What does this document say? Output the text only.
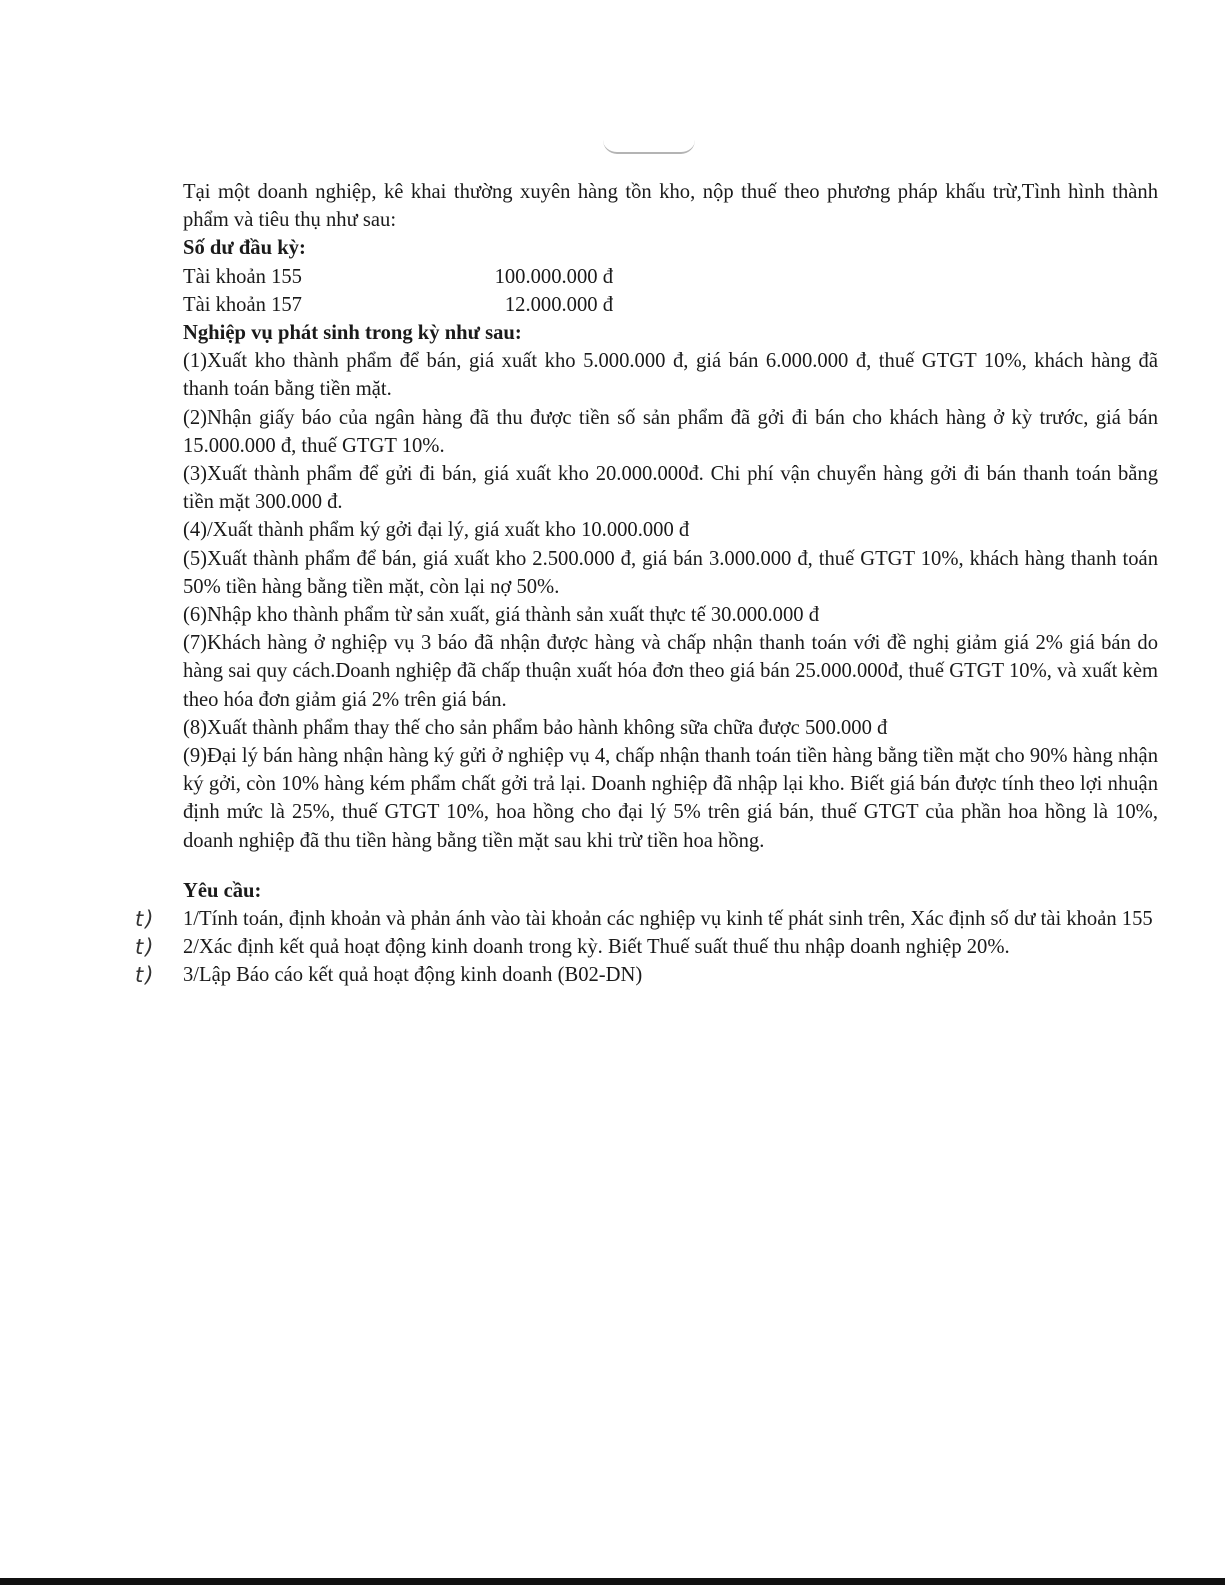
Tại một doanh nghiệp, kê khai thường xuyên hàng tồn kho, nộp thuế theo phương pháp khấu trừ,Tình hình thành phẩm và tiêu thụ như sau:

Số dư đầu kỳ:

Tài khoản 155	100.000.000 đ
Tài khoản 157	12.000.000 đ

Nghiệp vụ phát sinh trong kỳ như sau:

(1)Xuất kho thành phẩm để bán, giá xuất kho 5.000.000 đ, giá bán 6.000.000 đ, thuế GTGT 10%, khách hàng đã thanh toán bằng tiền mặt.

(2)Nhận giấy báo của ngân hàng đã thu được tiền số sản phẩm đã gởi đi bán cho khách hàng ở kỳ trước, giá bán 15.000.000 đ, thuế GTGT 10%.

(3)Xuất thành phẩm để gửi đi bán, giá xuất kho 20.000.000đ. Chi phí vận chuyển hàng gởi đi bán thanh toán bằng tiền mặt 300.000 đ.

(4)/Xuất thành phẩm ký gởi đại lý, giá xuất kho 10.000.000 đ

(5)Xuất thành phẩm để bán, giá xuất kho 2.500.000 đ, giá bán 3.000.000 đ, thuế GTGT 10%, khách hàng thanh toán 50% tiền hàng bằng tiền mặt, còn lại nợ 50%.

(6)Nhập kho thành phẩm từ sản xuất, giá thành sản xuất thực tế 30.000.000 đ

(7)Khách hàng ở nghiệp vụ 3 báo đã nhận được hàng và chấp nhận thanh toán với đề nghị giảm giá 2% giá bán do hàng sai quy cách.Doanh nghiệp đã chấp thuận xuất hóa đơn theo giá bán 25.000.000đ, thuế GTGT 10%, và xuất kèm theo hóa đơn giảm giá 2% trên giá bán.

(8)Xuất thành phẩm thay thế cho sản phẩm bảo hành không sữa chữa được 500.000 đ

(9)Đại lý bán hàng nhận hàng ký gửi ở nghiệp vụ 4, chấp nhận thanh toán tiền hàng bằng tiền mặt cho 90% hàng nhận ký gởi, còn 10% hàng kém phẩm chất gởi trả lại. Doanh nghiệp đã nhập lại kho. Biết giá bán được tính theo lợi nhuận định mức là 25%, thuế GTGT 10%, hoa hồng cho đại lý 5% trên giá bán, thuế GTGT của phần hoa hồng là 10%, doanh nghiệp đã thu tiền hàng bằng tiền mặt sau khi trừ tiền hoa hồng.

Yêu cầu:

t) 1/Tính toán, định khoản và phản ánh vào tài khoản các nghiệp vụ kinh tế phát sinh trên, Xác định số dư tài khoản 155

t) 2/Xác định kết quả hoạt động kinh doanh trong kỳ. Biết Thuế suất thuế thu nhập doanh nghiệp 20%.

t) 3/Lập Báo cáo kết quả hoạt động kinh doanh (B02-DN)
